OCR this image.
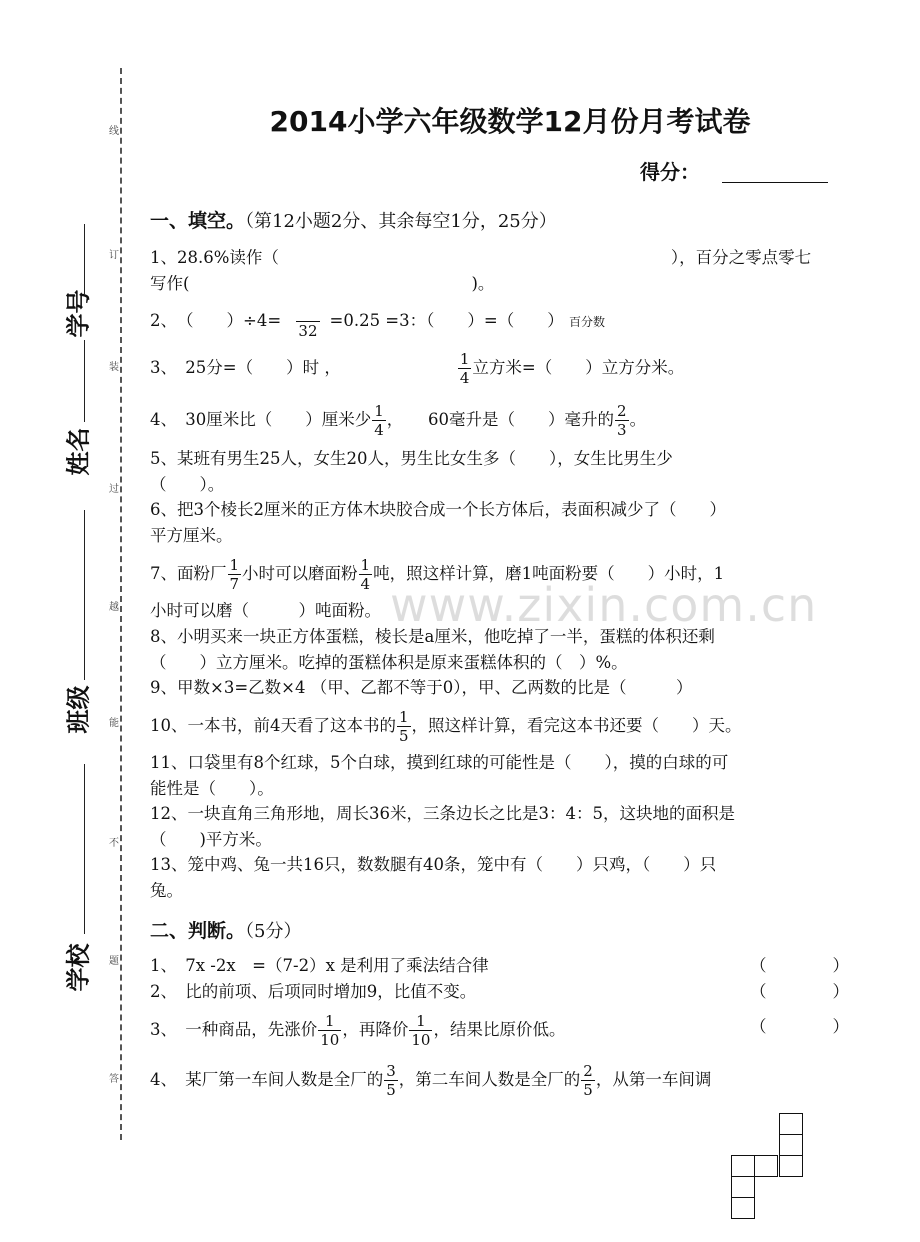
线
订
装
过
越
能
不
题
答
学号
姓名
班级
学校
2014小学六年级数学12月份月考试卷
得分：
一、填空。（第12小题2分、其余每空1分，25分）
1、28.6%读作（	），百分之零点零七
写作(	)。
2、　（　　）÷4=
32
=0.25 =3：（　　）=（　　） 百分数
3、　25分=（　　）时 ，	$\frac{1}{4}$ 立方米=（　　）立方分米。
4、　30厘米比（　　）厘米少 $\frac{1}{4}$ ，　　60毫升是（　　）毫升的 $\frac{2}{3}$ 。
5、某班有男生25人，女生20人，男生比女生多（　　），女生比男生少
（　　）。
6、把3个棱长2厘米的正方体木块胶合成一个长方体后，表面积减少了（　　）
平方厘米。
7、面粉厂 $\frac{1}{7}$ 小时可以磨面粉 $\frac{1}{4}$ 吨，照这样计算，磨1吨面粉要（　　）小时，1
小时可以磨（　　　）吨面粉。
8、小明买来一块正方体蛋糕，棱长是a厘米，他吃掉了一半，蛋糕的体积还剩
（　　）立方厘米。吃掉的蛋糕体积是原来蛋糕体积的（　）%。
9、甲数×3=乙数×4 （甲、乙都不等于0），甲、乙两数的比是（　　　）
10、一本书，前4天看了这本书的 $\frac{1}{5}$ ，照这样计算，看完这本书还要（　　）天。
11、口袋里有8个红球，5个白球，摸到红球的可能性是（　　），摸的白球的可
能性是（　　）。
12、一块直角三角形地，周长36米，三条边长之比是3：4：5，这块地的面积是
（　　)平方米。
13、笼中鸡、兔一共16只，数数腿有40条，笼中有（　　）只鸡，（　　）只
兔。
二、判断。（5分）
1、　7x -2x　=（7-2）x 是利用了乘法结合律	（　　　　）
2、　比的前项、后项同时增加9，比值不变。	（　　　　）
3、　一种商品，先涨价 $\frac{1}{10}$ ，再降价 $\frac{1}{10}$ ，结果比原价低。	（　　　　）
4、　某厂第一车间人数是全厂的 $\frac{3}{5}$ ，第二车间人数是全厂的 $\frac{2}{5}$ ，从第一车间调
www.zixin.com.cn
